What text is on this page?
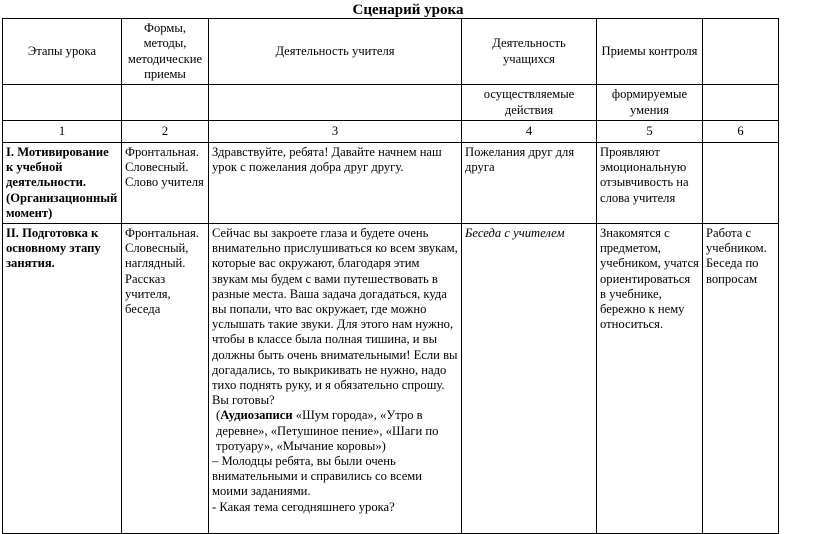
Сценарий урока
Этапы урока	Формы, методы, методические приемы	Деятельность учителя	Деятельность учащихся	Приемы контроля	
			осуществляемые действия	формируемые умения	
1	2	3	4	5	6
I. Мотивирование к учебной деятельности. (Организационный момент)	Фронтальная. Словесный. Слово учителя	Здравствуйте, ребята! Давайте начнем наш урок с пожелания добра друг другу.	Пожелания друг для друга	Проявляют эмоциональную отзывчивость на слова учителя	
II. Подготовка к основному этапу занятия.	Фронтальная. Словесный, наглядный. Рассказ учителя, беседа	Сейчас вы закроете глаза и будете очень внимательно прислушиваться ко всем звукам, которые вас окружают, благодаря этим звукам мы будем с вами путешествовать в разные места. Ваша задача догадаться, куда вы попали, что вас окружает, где можно услышать такие звуки. Для этого нам нужно, чтобы в классе была полная тишина, и вы должны быть очень внимательными! Если вы догадались, то выкрикивать не нужно, надо тихо поднять руку, и я обязательно спрошу. Вы готовы?
(Аудиозаписи «Шум города», «Утро в деревне», «Петушиное пение», «Шаги по тротуару», «Мычание коровы»)
– Молодцы ребята, вы были очень внимательными и справились со всеми моими заданиями.
- Какая тема сегодняшнего урока?	Беседа с учителем	Знакомятся с предметом, учебником, учатся ориентироваться в учебнике, бережно к нему относиться.	Работа с учебником. Беседа по вопросам
